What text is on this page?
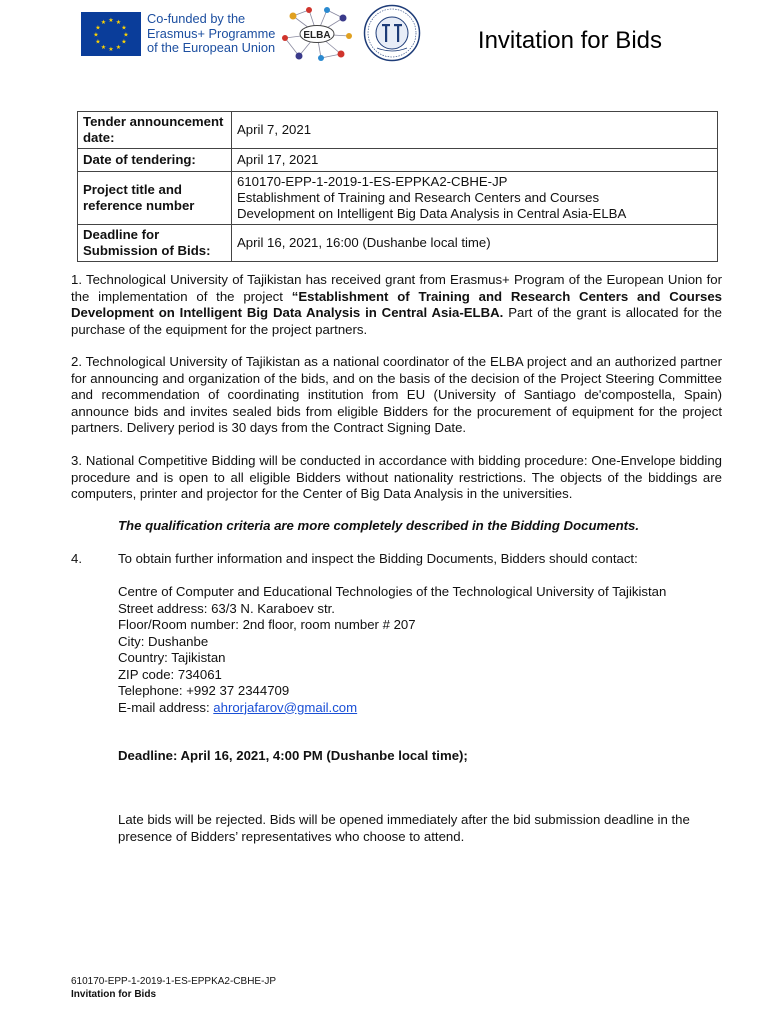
★ ★
★
★
★
★
★
★
★
★
★
★	Co-funded by the
Erasmus+ Programme
of the European Union
ELBA	Invitation for Bids
Tender announcement date:	April 7, 2021
Date of tendering:	April 17, 2021
Project title and reference number	610170-EPP-1-2019-1-ES-EPPKA2-CBHE-JP
Establishment of Training and Research Centers and Courses
Development on Intelligent Big Data Analysis in Central Asia-ELBA

Deadline for Submission of Bids:	April 16, 2021, 16:00 (Dushanbe local time)
1. Technological University of Tajikistan has received grant from Erasmus+ Program of the European Union for the implementation of the project “Establishment of Training and Research Centers and Courses Development on Intelligent Big Data Analysis in Central Asia-ELBA. Part of the grant is allocated for the purchase of the equipment for the project partners.
2. Technological University of Tajikistan as a national coordinator of the ELBA project and an authorized partner for announcing and organization of the bids, and on the basis of the decision of the Project Steering Committee and recommendation of coordinating institution from EU (University of Santiago de'compostella, Spain) announce bids and invites sealed bids from eligible Bidders for the procurement of equipment for the project partners. Delivery period is 30 days from the Contract Signing Date.
3. National Competitive Bidding will be conducted in accordance with bidding procedure: One-Envelope bidding procedure and is open to all eligible Bidders without nationality restrictions. The objects of the biddings are computers, printer and projector for the Center of Big Data Analysis in the universities.
The qualification criteria are more completely described in the Bidding Documents.
4.	To obtain further information and inspect the Bidding Documents, Bidders should contact:
Centre of Computer and Educational Technologies of the Technological University of Tajikistan
Street address: 63/3 N. Karaboev str.
Floor/Room number: 2nd floor, room number # 207
City: Dushanbe
Country: Tajikistan
ZIP code: 734061
Telephone: +992 37 2344709
E-mail address: ahrorjafarov@gmail.com
Deadline: April 16, 2021, 4:00 PM (Dushanbe local time);
Late bids will be rejected. Bids will be opened immediately after the bid submission deadline in the presence of Bidders’ representatives who choose to attend.
610170-EPP-1-2019-1-ES-EPPKA2-CBHE-JP
Invitation for Bids
